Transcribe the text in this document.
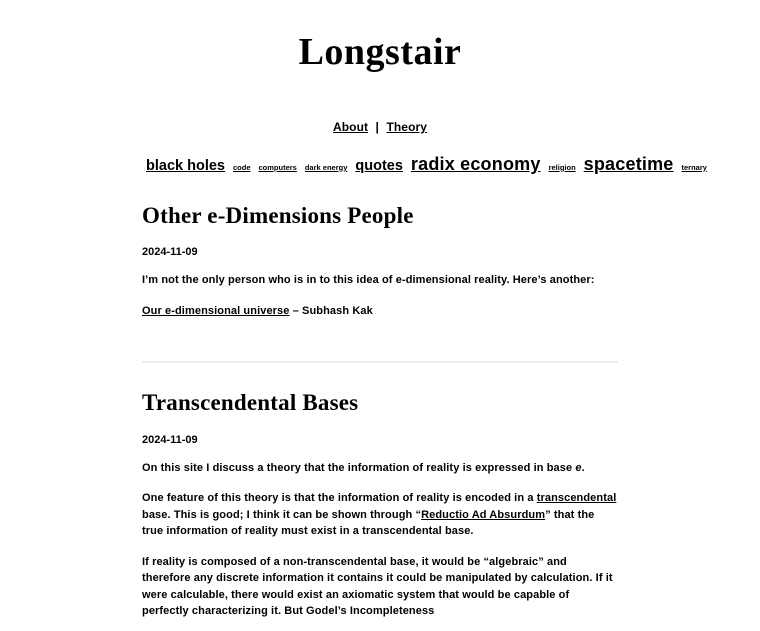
Longstair
About | Theory
black holes code computers dark energy quotes radix economy religion spacetime ternary
Other e-Dimensions People
2024-11-09

I’m not the only person who is in to this idea of e-dimensional reality. Here’s another:

Our e-dimensional universe – Subhash Kak

Transcendental Bases
2024-11-09

On this site I discuss a theory that the information of reality is expressed in base e.

One feature of this theory is that the information of reality is encoded in a transcendental base. This is good; I think it can be shown through “Reductio Ad Absurdum” that the true information of reality must exist in a transcendental base.

If reality is composed of a non-transcendental base, it would be “algebraic” and therefore any discrete information it contains it could be manipulated by calculation. If it were calculable, there would exist an axiomatic system that would be capable of perfectly characterizing it. But Godel’s Incompleteness
